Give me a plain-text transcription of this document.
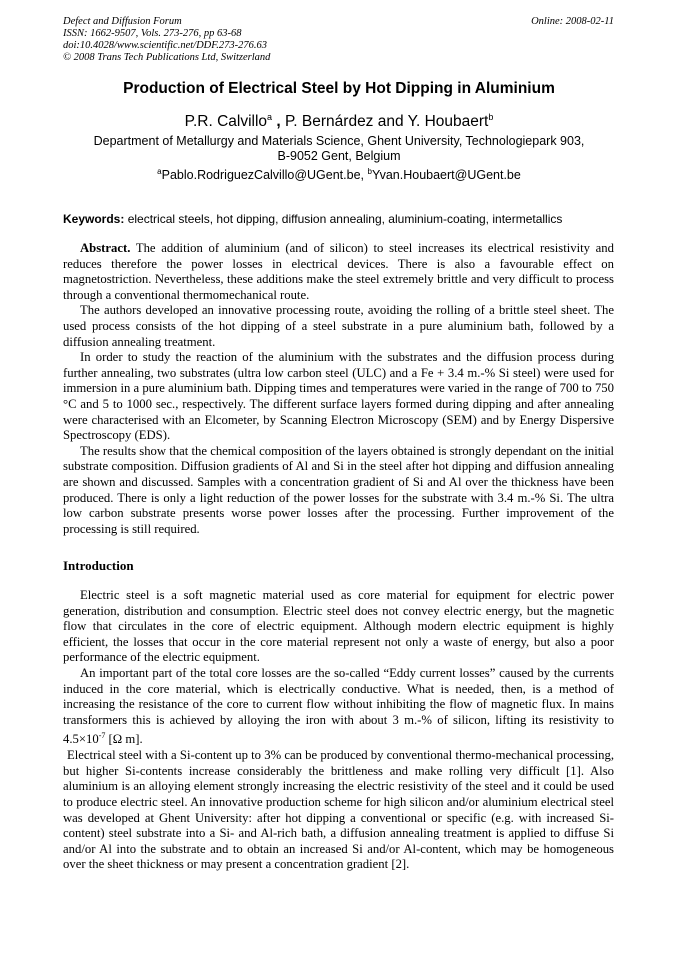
Defect and Diffusion Forum
ISSN: 1662-9507, Vols. 273-276, pp 63-68
doi:10.4028/www.scientific.net/DDF.273-276.63
© 2008 Trans Tech Publications Ltd, Switzerland
Online: 2008-02-11
Production of Electrical Steel by Hot Dipping in Aluminium
P.R. Calvillo$^a$ , P. Bernárdez and Y. Houbaert$^b$
Department of Metallurgy and Materials Science, Ghent University, Technologiepark 903,
B-9052 Gent, Belgium
$^a$Pablo.RodriguezCalvillo@UGent.be, $^b$Yvan.Houbaert@UGent.be
Keywords: electrical steels, hot dipping, diffusion annealing, aluminium-coating, intermetallics

Abstract. The addition of aluminium (and of silicon) to steel increases its electrical resistivity and reduces therefore the power losses in electrical devices. There is also a favourable effect on magnetostriction. Nevertheless, these additions make the steel extremely brittle and very difficult to process through a conventional thermomechanical route.

The authors developed an innovative processing route, avoiding the rolling of a brittle steel sheet. The used process consists of the hot dipping of a steel substrate in a pure aluminium bath, followed by a diffusion annealing treatment.

In order to study the reaction of the aluminium with the substrates and the diffusion process during further annealing, two substrates (ultra low carbon steel (ULC) and a Fe + 3.4 m.-% Si steel) were used for immersion in a pure aluminium bath. Dipping times and temperatures were varied in the range of 700 to 750 °C and 5 to 1000 sec., respectively. The different surface layers formed during dipping and after annealing were characterised with an Elcometer, by Scanning Electron Microscopy (SEM) and by Energy Dispersive Spectroscopy (EDS).

The results show that the chemical composition of the layers obtained is strongly dependant on the initial substrate composition. Diffusion gradients of Al and Si in the steel after hot dipping and diffusion annealing are shown and discussed. Samples with a concentration gradient of Si and Al over the thickness have been produced. There is only a light reduction of the power losses for the substrate with 3.4 m.-% Si. The ultra low carbon substrate presents worse power losses after the processing. Further improvement of the processing is still required.

Introduction

Electric steel is a soft magnetic material used as core material for equipment for electric power generation, distribution and consumption. Electric steel does not convey electric energy, but the magnetic flow that circulates in the core of electric equipment. Although modern electric equipment is highly efficient, the losses that occur in the core material represent not only a waste of energy, but also a poor performance of the electric equipment.

An important part of the total core losses are the so-called “Eddy current losses” caused by the currents induced in the core material, which is electrically conductive. What is needed, then, is a method of increasing the resistance of the core to current flow without inhibiting the flow of magnetic flux. In mains transformers this is achieved by alloying the iron with about 3 m.-% of silicon, lifting its resistivity to $4.5\times 10^{-7}$ [Ω m].

Electrical steel with a Si-content up to 3% can be produced by conventional thermo-mechanical processing, but higher Si-contents increase considerably the brittleness and make rolling very difficult [1]. Also aluminium is an alloying element strongly increasing the electric resistivity of the steel and it could be used to produce electric steel. An innovative production scheme for high silicon and/or aluminium electrical steel was developed at Ghent University: after hot dipping a conventional or specific (e.g. with increased Si-content) steel substrate into a Si- and Al-rich bath, a diffusion annealing treatment is applied to diffuse Si and/or Al into the substrate and to obtain an increased Si and/or Al-content, which may be homogeneous over the sheet thickness or may present a concentration gradient [2].
